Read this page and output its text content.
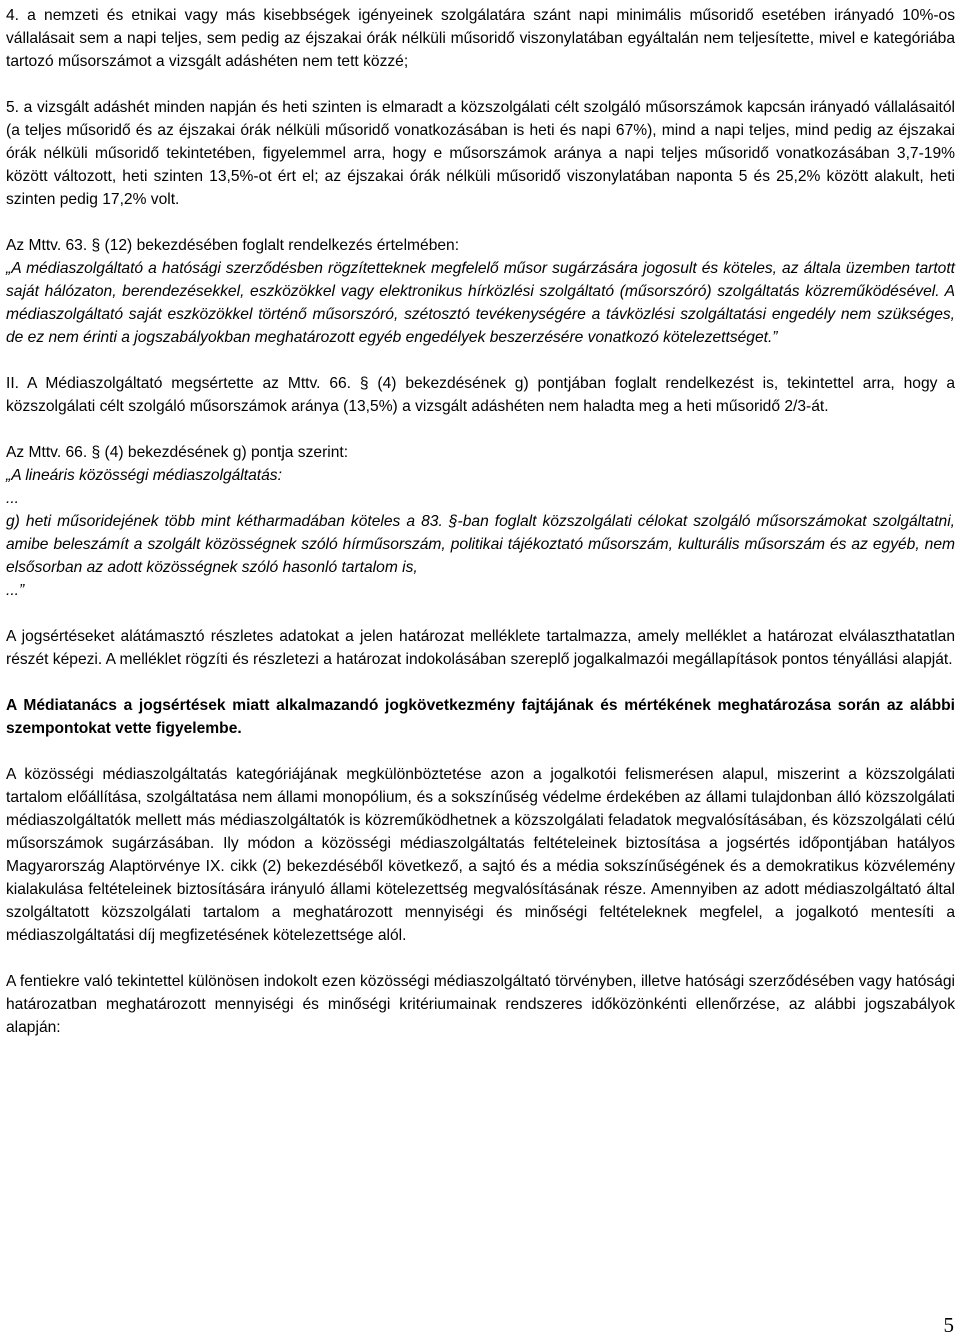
4. a nemzeti és etnikai vagy más kisebbségek igényeinek szolgálatára szánt napi minimális műsoridő esetében irányadó 10%-os vállalásait sem a napi teljes, sem pedig az éjszakai órák nélküli műsoridő viszonylatában egyáltalán nem teljesítette, mivel e kategóriába tartozó műsorszámot a vizsgált adáshéten nem tett közzé;

5. a vizsgált adáshét minden napján és heti szinten is elmaradt a közszolgálati célt szolgáló műsorszámok kapcsán irányadó vállalásaitól (a teljes műsoridő és az éjszakai órák nélküli műsoridő vonatkozásában is heti és napi 67%), mind a napi teljes, mind pedig az éjszakai órák nélküli műsoridő tekintetében, figyelemmel arra, hogy e műsorszámok aránya a napi teljes műsoridő vonatkozásában 3,7-19% között változott, heti szinten 13,5%-ot ért el; az éjszakai órák nélküli műsoridő viszonylatában naponta 5 és 25,2% között alakult, heti szinten pedig 17,2% volt.

Az Mttv. 63. § (12) bekezdésében foglalt rendelkezés értelmében:

„A médiaszolgáltató a hatósági szerződésben rögzítetteknek megfelelő műsor sugárzására jogosult és köteles, az általa üzemben tartott saját hálózaton, berendezésekkel, eszközökkel vagy elektronikus hírközlési szolgáltató (műsorszóró) szolgáltatás közreműködésével. A médiaszolgáltató saját eszközökkel történő műsorszóró, szétosztó tevékenységére a távközlési szolgáltatási engedély nem szükséges, de ez nem érinti a jogszabályokban meghatározott egyéb engedélyek beszerzésére vonatkozó kötelezettséget.”

II. A Médiaszolgáltató megsértette az Mttv. 66. § (4) bekezdésének g) pontjában foglalt rendelkezést is, tekintettel arra, hogy a közszolgálati célt szolgáló műsorszámok aránya (13,5%) a vizsgált adáshéten nem haladta meg a heti műsoridő 2/3-át.

Az Mttv. 66. § (4) bekezdésének g) pontja szerint:

„A lineáris közösségi médiaszolgáltatás:

...

g) heti műsoridejének több mint kétharmadában köteles a 83. §-ban foglalt közszolgálati célokat szolgáló műsorszámokat szolgáltatni, amibe beleszámít a szolgált közösségnek szóló hírműsorszám, politikai tájékoztató műsorszám, kulturális műsorszám és az egyéb, nem elsősorban az adott közösségnek szóló hasonló tartalom is,

...”

A jogsértéseket alátámasztó részletes adatokat a jelen határozat melléklete tartalmazza, amely melléklet a határozat elválaszthatatlan részét képezi. A melléklet rögzíti és részletezi a határozat indokolásában szereplő jogalkalmazói megállapítások pontos tényállási alapját.

A Médiatanács a jogsértések miatt alkalmazandó jogkövetkezmény fajtájának és mértékének meghatározása során az alábbi szempontokat vette figyelembe.

A közösségi médiaszolgáltatás kategóriájának megkülönböztetése azon a jogalkotói felismerésen alapul, miszerint a közszolgálati tartalom előállítása, szolgáltatása nem állami monopólium, és a sokszínűség védelme érdekében az állami tulajdonban álló közszolgálati médiaszolgáltatók mellett más médiaszolgáltatók is közreműködhetnek a közszolgálati feladatok megvalósításában, és közszolgálati célú műsorszámok sugárzásában. Ily módon a közösségi médiaszolgáltatás feltételeinek biztosítása a jogsértés időpontjában hatályos Magyarország Alaptörvénye IX. cikk (2) bekezdéséből következő, a sajtó és a média sokszínűségének és a demokratikus közvélemény kialakulása feltételeinek biztosítására irányuló állami kötelezettség megvalósításának része. Amennyiben az adott médiaszolgáltató által szolgáltatott közszolgálati tartalom a meghatározott mennyiségi és minőségi feltételeknek megfelel, a jogalkotó mentesíti a médiaszolgáltatási díj megfizetésének kötelezettsége alól.

A fentiekre való tekintettel különösen indokolt ezen közösségi médiaszolgáltató törvényben, illetve hatósági szerződésében vagy hatósági határozatban meghatározott mennyiségi és minőségi kritériumainak rendszeres időközönkénti ellenőrzése, az alábbi jogszabályok alapján:

5
